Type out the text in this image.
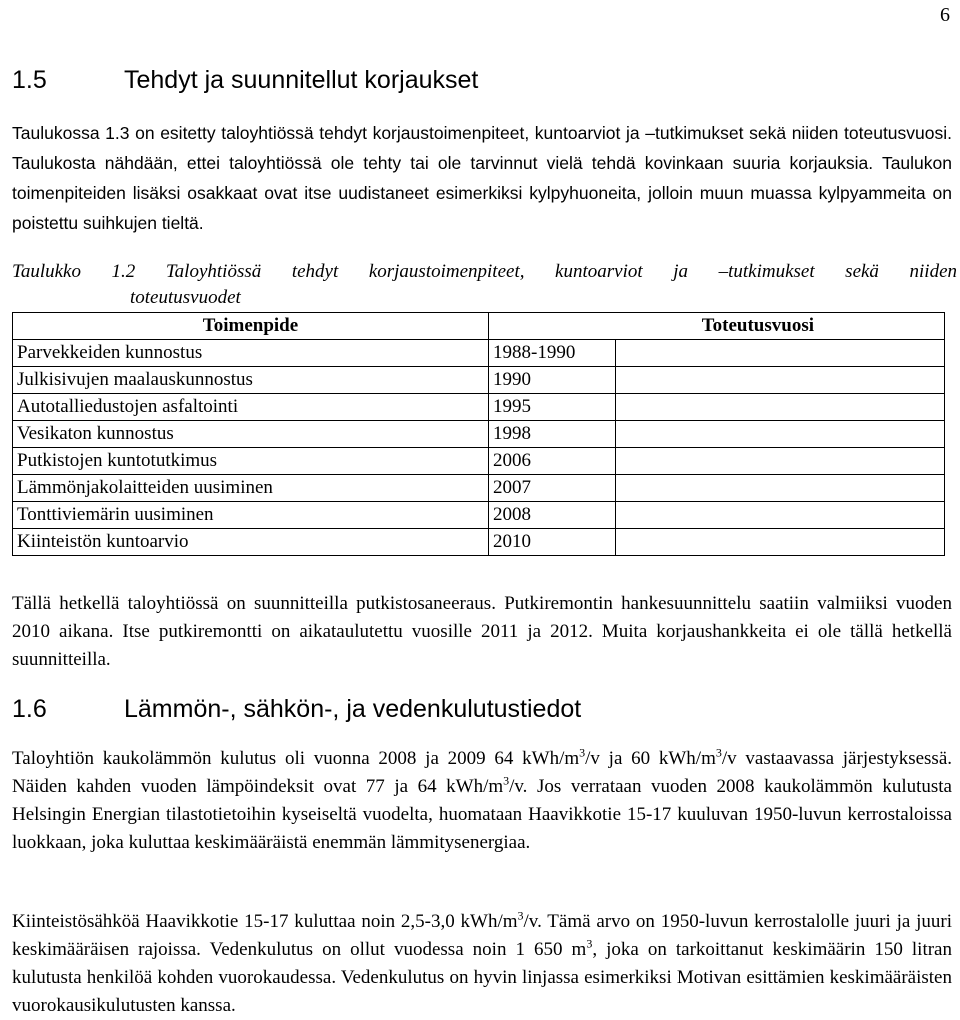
6
1.5	Tehdyt ja suunnitellut korjaukset

Taulukossa 1.3 on esitetty taloyhtiössä tehdyt korjaustoimenpiteet, kuntoarviot ja –tutkimukset sekä niiden toteutusvuosi. Taulukosta nähdään, ettei taloyhtiössä ole tehty tai ole tarvinnut vielä tehdä kovinkaan suuria korjauksia. Taulukon toimenpiteiden lisäksi osakkaat ovat itse uudistaneet esimerkiksi kylpyhuoneita, jolloin muun muassa kylpyammeita on poistettu suihkujen tieltä.

Taulukko 1.2 Taloyhtiössä tehdyt korjaustoimenpiteet, kuntoarviot ja –tutkimukset sekä niiden
toteutusvuodet

Toimenpide	Toteutusvuosi	
Parvekkeiden kunnostus	1988-1990	
Julkisivujen maalauskunnostus	1990	
Autotalliedustojen asfaltointi	1995	
Vesikaton kunnostus	1998	
Putkistojen kuntotutkimus	2006	
Lämmönjakolaitteiden uusiminen	2007	
Tonttiviemärin uusiminen	2008	
Kiinteistön kuntoarvio	2010	

Tällä hetkellä taloyhtiössä on suunnitteilla putkistosaneeraus. Putkiremontin hankesuunnittelu saatiin valmiiksi vuoden 2010 aikana. Itse putkiremontti on aikataulutettu vuosille 2011 ja 2012. Muita korjaushankkeita ei ole tällä hetkellä suunnitteilla.

1.6	Lämmön-, sähkön-, ja vedenkulutustiedot

Taloyhtiön kaukolämmön kulutus oli vuonna 2008 ja 2009 64 kWh/$m^3/v$ ja 60 kWh/$m^3/v$ vastaavassa järjestyksessä. Näiden kahden vuoden lämpöindeksit ovat 77 ja 64 kWh/$m^3/v$. Jos verrataan vuoden 2008 kaukolämmön kulutusta Helsingin Energian tilastotietoihin kyseiseltä vuodelta, huomataan Haavikkotie 15-17 kuuluvan 1950-luvun kerrostaloissa luokkaan, joka kuluttaa keskimääräistä enemmän lämmitysenergiaa.

Kiinteistösähköä Haavikkotie 15-17 kuluttaa noin 2,5-3,0 kWh/$m^3/v$. Tämä arvo on 1950-luvun kerrostalolle juuri ja juuri keskimääräisen rajoissa. Vedenkulutus on ollut vuodessa noin 1 650 $m^3$, joka on tarkoittanut keskimäärin 150 litran kulutusta henkilöä kohden vuorokaudessa. Vedenkulutus on hyvin linjassa esimerkiksi Motivan esittämien keskimääräisten vuorokausikulutusten kanssa.
